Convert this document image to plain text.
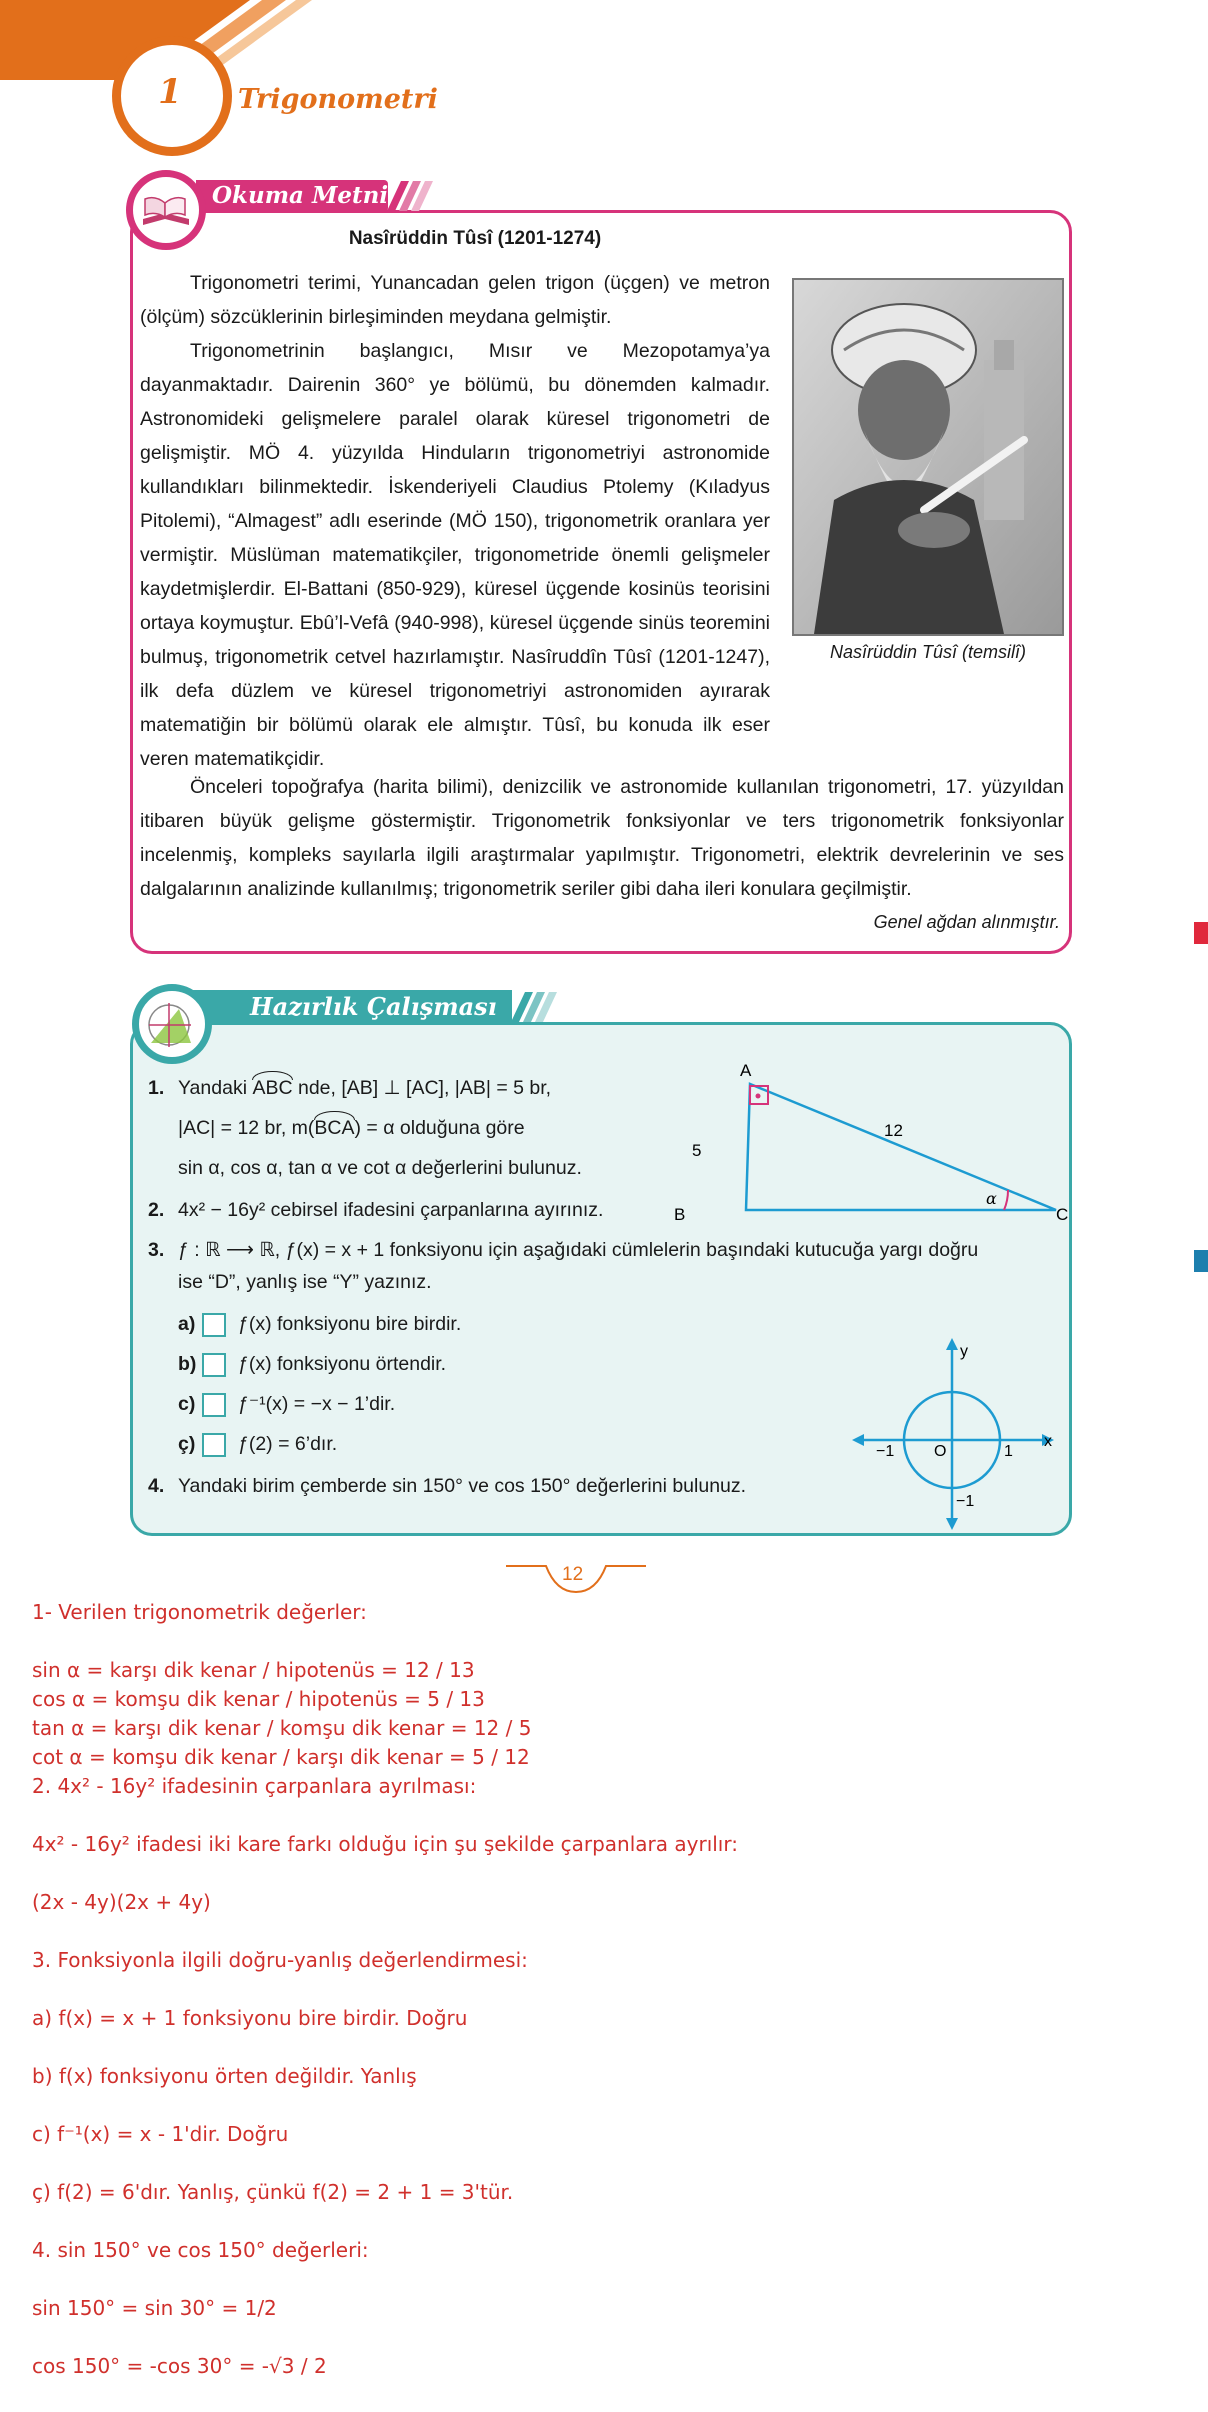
1	Trigonometri
Okuma Metni
Nasîrüddin Tûsî (1201-1274)
Trigonometri terimi, Yunancadan gelen trigon (üçgen) ve metron (ölçüm) sözcüklerinin birleşiminden meydana gelmiştir.
Trigonometrinin başlangıcı, Mısır ve Mezopotamya’ya dayanmaktadır. Dairenin 360° ye bölümü, bu dönemden kalmadır. Astronomideki gelişmelere paralel olarak küresel trigonometri de gelişmiştir. MÖ 4. yüzyılda Hinduların trigonometriyi astronomide kullandıkları bilinmektedir. İskenderiyeli Claudius Ptolemy (Kıladyus Pitolemi), “Almagest” adlı eserinde (MÖ 150), trigonometrik oranlara yer vermiştir. Müslüman matematikçiler, trigonometride önemli gelişmeler kaydetmişlerdir. El-Battani (850-929), küresel üçgende kosinüs teorisini ortaya koymuştur. Ebû’l-Vefâ (940-998), küresel üçgende sinüs teoremini bulmuş, trigonometrik cetvel hazırlamıştır. Nasîruddîn Tûsî (1201-1247), ilk defa düzlem ve küresel trigonometriyi astronomiden ayırarak matematiğin bir bölümü olarak ele almıştır. Tûsî, bu konuda ilk eser veren matematikçidir.
Önceleri topoğrafya (harita bilimi), denizcilik ve astronomide kullanılan trigonometri, 17. yüzyıldan itibaren büyük gelişme göstermiştir. Trigonometrik fonksiyonlar ve ters trigonometrik fonksiyonlar incelenmiş, kompleks sayılarla ilgili araştırmalar yapılmıştır. Trigonometri, elektrik devrelerinin ve ses dalgalarının analizinde kullanılmış; trigonometrik seriler gibi daha ileri konulara geçilmiştir.
Nasîrüddin Tûsî (temsilî)
Genel ağdan alınmıştır.
Hazırlık Çalışması
1. Yandaki ABC nde, [AB] ⊥ [AC], |AB| = 5 br,
|AC| = 12 br, m(BCA) = α olduğuna göre
sin α, cos α, tan α ve cot α değerlerini bulunuz.
2. 4x² − 16y² cebirsel ifadesini çarpanlarına ayırınız.
A
B	C
5
12
α
3. ƒ : ℝ ⟶ ℝ, ƒ(x) = x + 1 fonksiyonu için aşağıdaki cümlelerin başındaki kutucuğa yargı doğru
ise “D”, yanlış ise “Y” yazınız.
a) ƒ(x) fonksiyonu bire birdir.
b) ƒ(x) fonksiyonu örtendir.
c) ƒ⁻¹(x) = −x − 1’dir.
ç) ƒ(2) = 6’dır.
4. Yandaki birim çemberde sin 150° ve cos 150° değerlerini bulunuz.
y
x
O	1
−1
−1
12
1- Verilen trigonometrik değerler:
sin α = karşı dik kenar / hipotenüs = 12 / 13
cos α = komşu dik kenar / hipotenüs = 5 / 13
tan α = karşı dik kenar / komşu dik kenar = 12 / 5
cot α = komşu dik kenar / karşı dik kenar = 5 / 12
2. 4x² - 16y² ifadesinin çarpanlara ayrılması:
4x² - 16y² ifadesi iki kare farkı olduğu için şu şekilde çarpanlara ayrılır:
(2x - 4y)(2x + 4y)
3. Fonksiyonla ilgili doğru-yanlış değerlendirmesi:
a) f(x) = x + 1 fonksiyonu bire birdir. Doğru
b) f(x) fonksiyonu örten değildir. Yanlış
c) f⁻¹(x) = x - 1'dir. Doğru
ç) f(2) = 6'dır. Yanlış, çünkü f(2) = 2 + 1 = 3'tür.
4. sin 150° ve cos 150° değerleri:
sin 150° = sin 30° = 1/2
cos 150° = -cos 30° = -√3 / 2
